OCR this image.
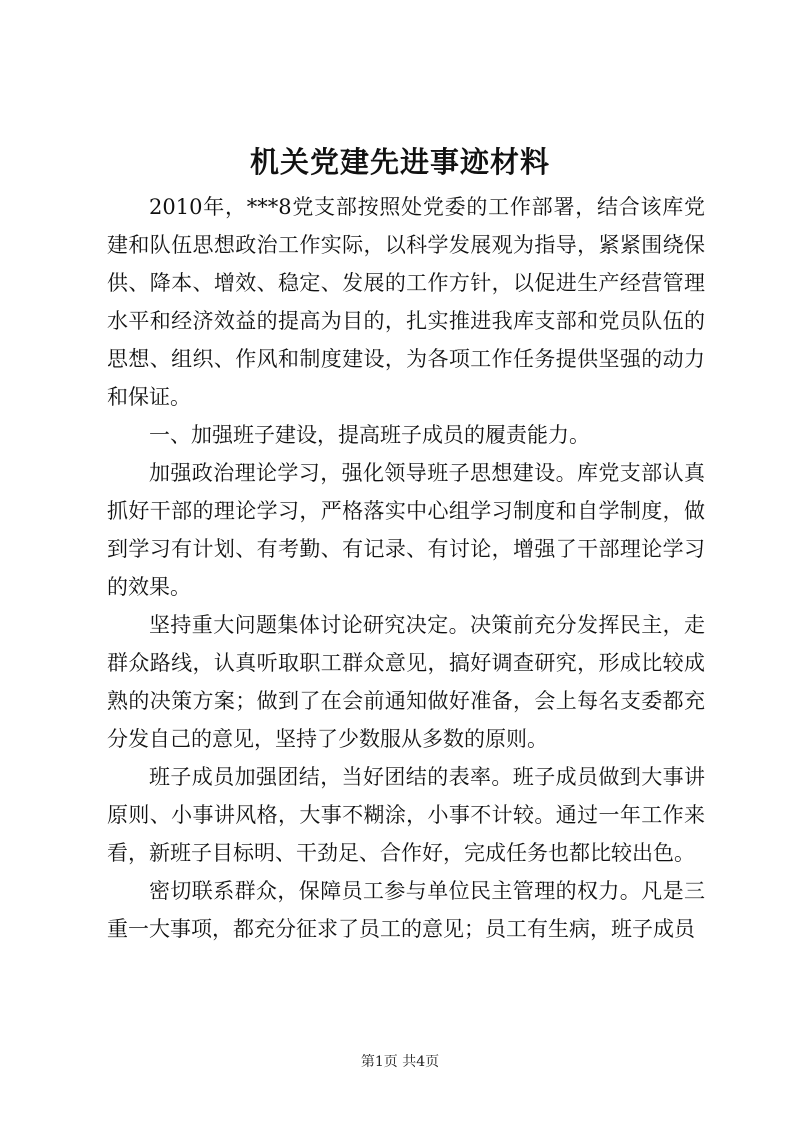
机关党建先进事迹材料

2010年，***8党支部按照处党委的工作部署，结合该库党建和队伍思想政治工作实际，以科学发展观为指导，紧紧围绕保供、降本、增效、稳定、发展的工作方针，以促进生产经营管理水平和经济效益的提高为目的，扎实推进我库支部和党员队伍的思想、组织、作风和制度建设，为各项工作任务提供坚强的动力和保证。

一、加强班子建设，提高班子成员的履责能力。

加强政治理论学习，强化领导班子思想建设。库党支部认真抓好干部的理论学习，严格落实中心组学习制度和自学制度，做到学习有计划、有考勤、有记录、有讨论，增强了干部理论学习的效果。

坚持重大问题集体讨论研究决定。决策前充分发挥民主，走群众路线，认真听取职工群众意见，搞好调查研究，形成比较成熟的决策方案；做到了在会前通知做好准备，会上每名支委都充分发自己的意见，坚持了少数服从多数的原则。

班子成员加强团结，当好团结的表率。班子成员做到大事讲原则、小事讲风格，大事不糊涂，小事不计较。通过一年工作来看，新班子目标明、干劲足、合作好，完成任务也都比较出色。

密切联系群众，保障员工参与单位民主管理的权力。凡是三重一大事项，都充分征求了员工的意见；员工有生病，班子成员

第1页 共4页
